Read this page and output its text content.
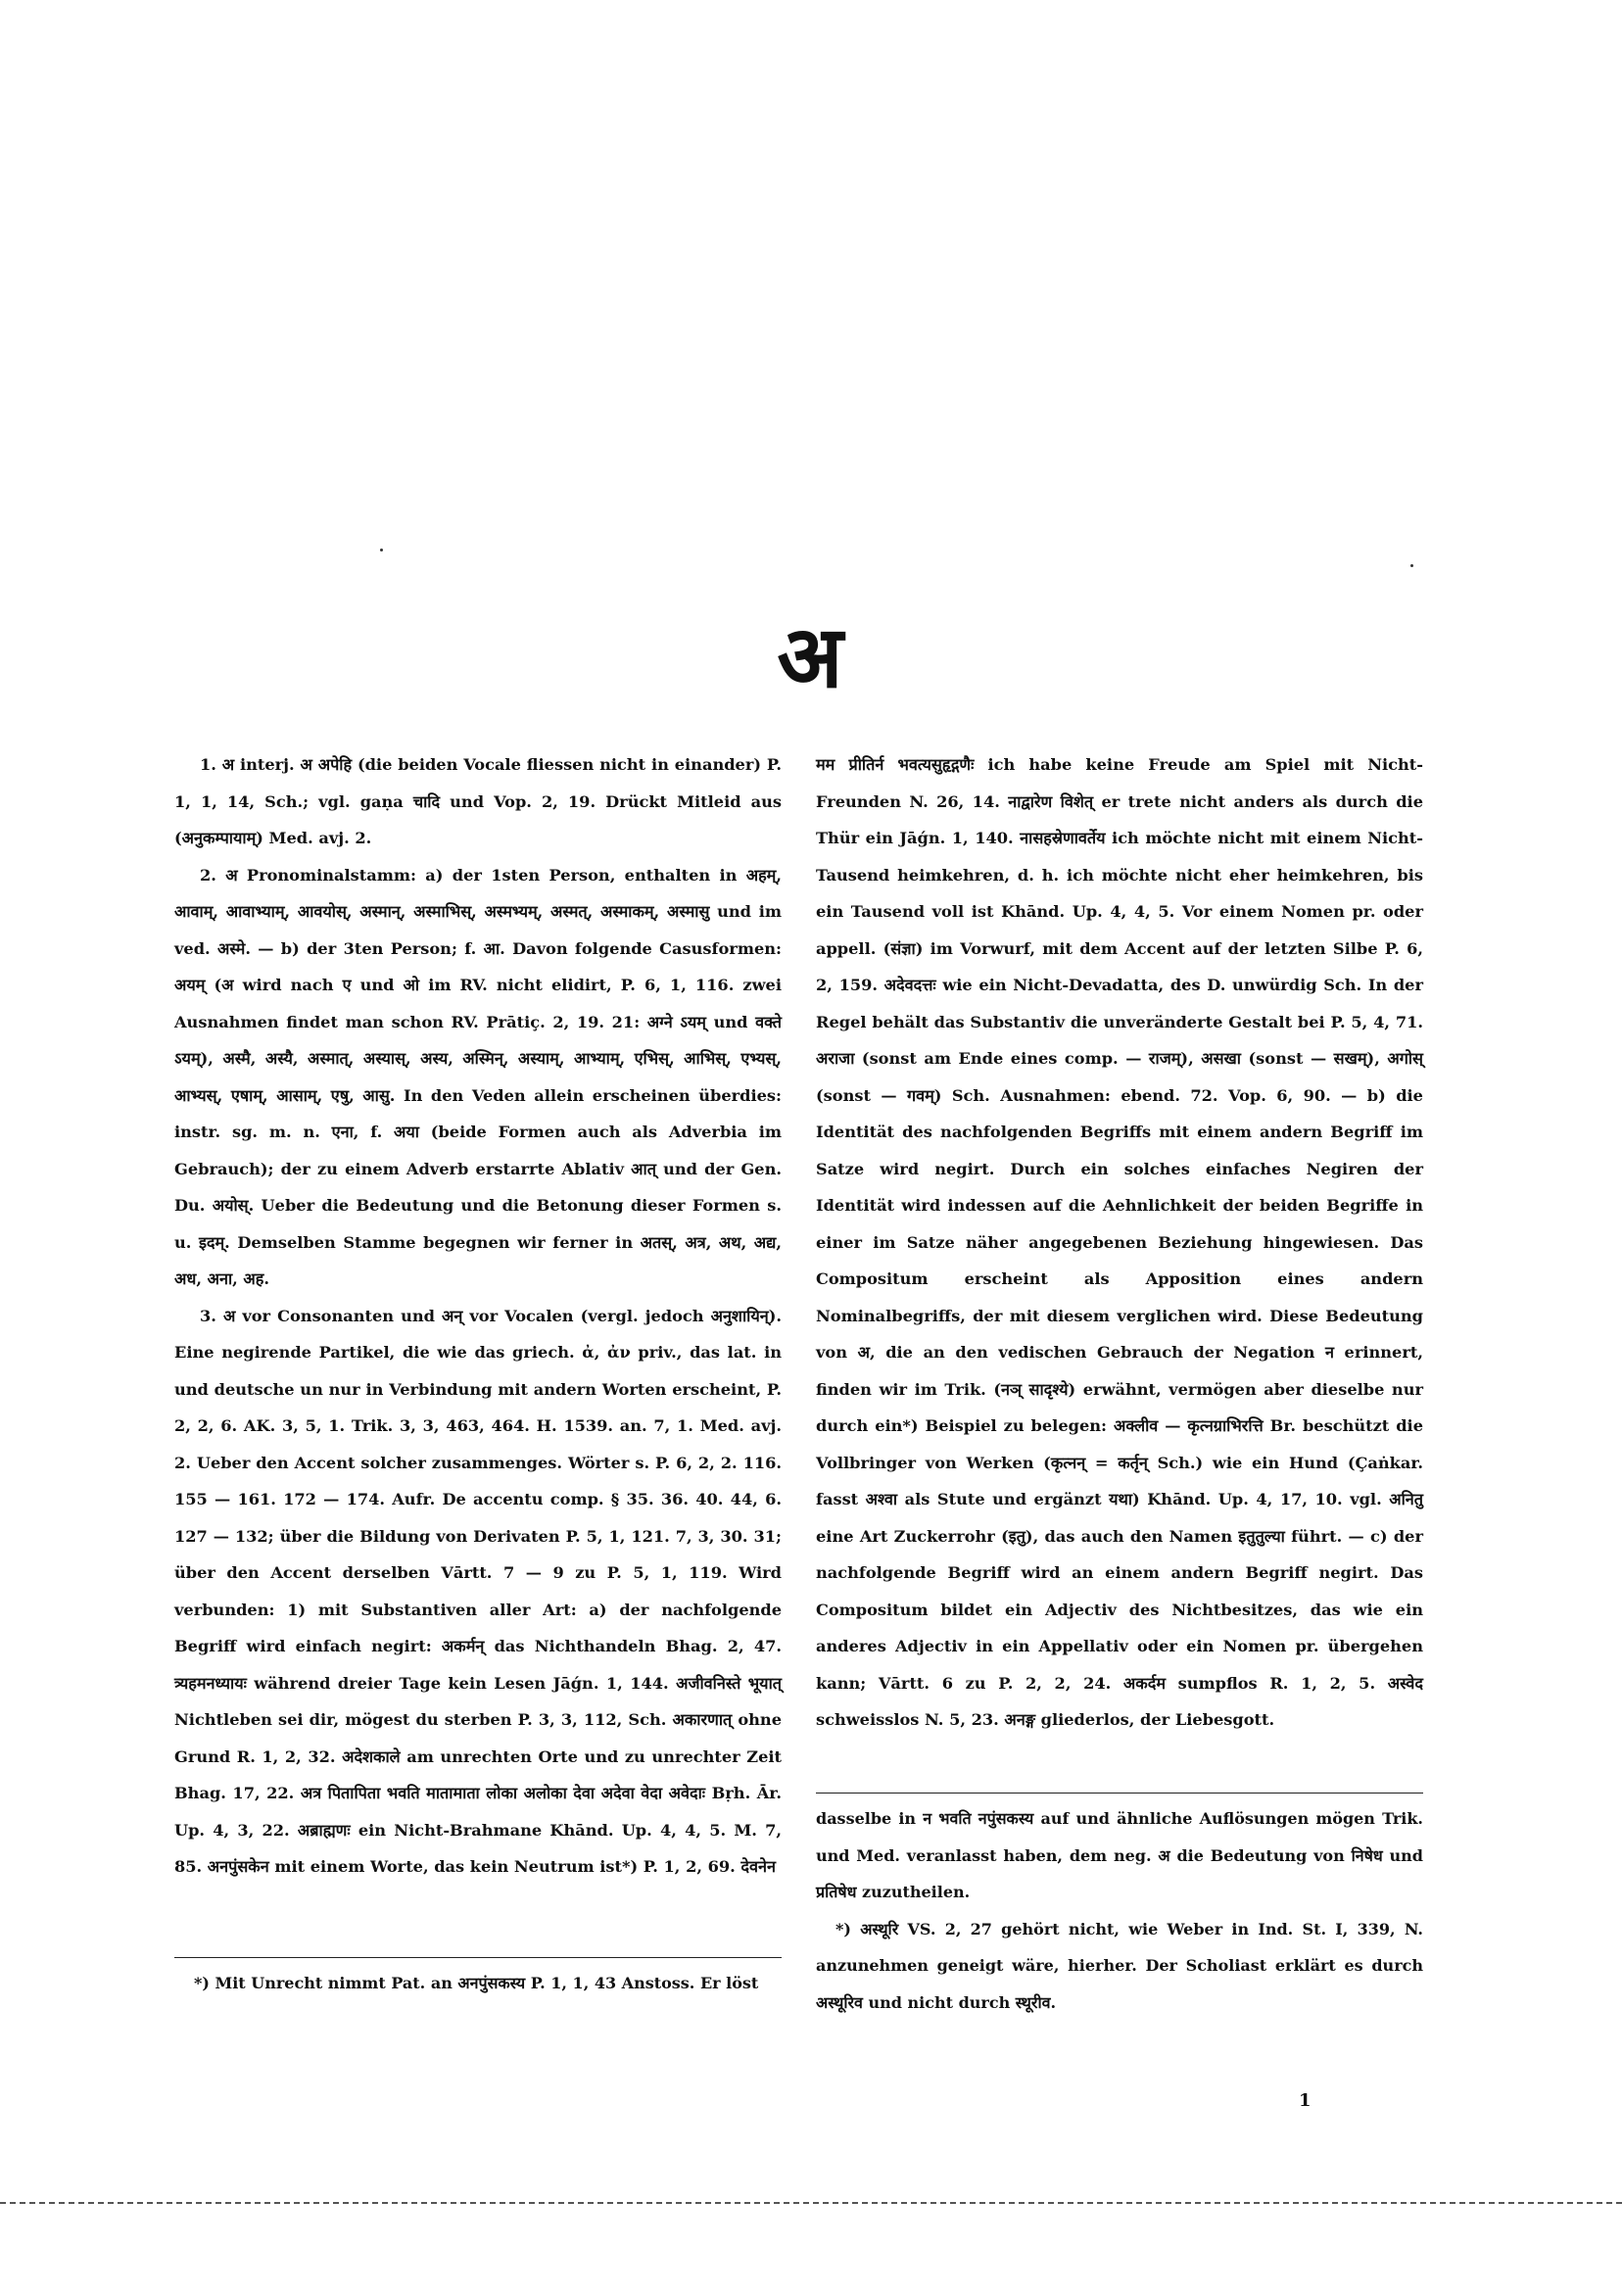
अ

1. अ interj. अ अपेहि (die beiden Vocale fliessen nicht in einander) P. 1, 1, 14, Sch.; vgl. gaṇa चादि und Vop. 2, 19. Drückt Mitleid aus (अनुकम्पायाम्) Med. avj. 2.

2. अ Pronominalstamm: a) der 1sten Person, enthalten in अहम्, आवाम्, आवाभ्याम्, आवयोस्, अस्मान्, अस्माभिस्, अस्मभ्यम्, अस्मत्, अस्माकम्, अस्मासु und im ved. अस्मे. — b) der 3ten Person; f. आ. Davon folgende Casusformen: अयम् (अ wird nach ए und ओ im RV. nicht elidirt, P. 6, 1, 116. zwei Ausnahmen findet man schon RV. Prātiç. 2, 19. 21: अग्ने ऽयम् und वक्ते ऽयम्), अस्मै, अस्यै, अस्मात्, अस्यास्, अस्य, अस्मिन्, अस्याम्, आभ्याम्, एभिस्, आभिस्, एभ्यस्, आभ्यस्, एषाम्, आसाम्, एषु, आसु. In den Veden allein erscheinen überdies: instr. sg. m. n. एना, f. अया (beide Formen auch als Adverbia im Gebrauch); der zu einem Adverb erstarrte Ablativ आत् und der Gen. Du. अयोस्. Ueber die Bedeutung und die Betonung dieser Formen s. u. इदम्. Demselben Stamme begegnen wir ferner in अतस्, अत्र, अथ, अद्य, अध, अना, अह.

3. अ vor Consonanten und अन् vor Vocalen (vergl. jedoch अनुशायिन्). Eine negirende Partikel, die wie das griech. ἀ, ἀν priv., das lat. in und deutsche un nur in Verbindung mit andern Worten erscheint, P. 2, 2, 6. AK. 3, 5, 1. Trik. 3, 3, 463, 464. H. 1539. an. 7, 1. Med. avj. 2. Ueber den Accent solcher zusammenges. Wörter s. P. 6, 2, 2. 116. 155 — 161. 172 — 174. Aufr. De accentu comp. § 35. 36. 40. 44, 6. 127 — 132; über die Bildung von Derivaten P. 5, 1, 121. 7, 3, 30. 31; über den Accent derselben Vārtt. 7 — 9 zu P. 5, 1, 119. Wird verbunden: 1) mit Substantiven aller Art: a) der nachfolgende Begriff wird einfach negirt: अकर्मन् das Nichthandeln Bhag. 2, 47. त्र्यहमनध्यायः während dreier Tage kein Lesen Jāǵn. 1, 144. अजीवनिस्ते भूयात् Nichtleben sei dir, mögest du sterben P. 3, 3, 112, Sch. अकारणात् ohne Grund R. 1, 2, 32. अदेशकाले am unrechten Orte und zu unrechter Zeit Bhag. 17, 22. अत्र पितापिता भवति मातामाता लोका अलोका देवा अदेवा वेदा अवेदाः Bṛh. Ār. Up. 4, 3, 22. अब्राह्मणः ein Nicht-Brahmane Khānd. Up. 4, 4, 5. M. 7, 85. अनपुंसकेन mit einem Worte, das kein Neutrum ist*) P. 1, 2, 69. देवनेन

मम प्रीतिर्न भवत्यसुहृद्गणैः ich habe keine Freude am Spiel mit Nicht-Freunden N. 26, 14. नाद्वारेण विशेत् er trete nicht anders als durch die Thür ein Jāǵn. 1, 140. नासहस्रेणावर्तेय ich möchte nicht mit einem Nicht-Tausend heimkehren, d. h. ich möchte nicht eher heimkehren, bis ein Tausend voll ist Khānd. Up. 4, 4, 5. Vor einem Nomen pr. oder appell. (संज्ञा) im Vorwurf, mit dem Accent auf der letzten Silbe P. 6, 2, 159. अदेवदत्तः wie ein Nicht-Devadatta, des D. unwürdig Sch. In der Regel behält das Substantiv die unveränderte Gestalt bei P. 5, 4, 71. अराजा (sonst am Ende eines comp. — राजम्), असखा (sonst — सखम्), अगोस् (sonst — गवम्) Sch. Ausnahmen: ebend. 72. Vop. 6, 90. — b) die Identität des nachfolgenden Begriffs mit einem andern Begriff im Satze wird negirt. Durch ein solches einfaches Negiren der Identität wird indessen auf die Aehnlichkeit der beiden Begriffe in einer im Satze näher angegebenen Beziehung hingewiesen. Das Compositum erscheint als Apposition eines andern Nominalbegriffs, der mit diesem verglichen wird. Diese Bedeutung von अ, die an den vedischen Gebrauch der Negation न erinnert, finden wir im Trik. (नञ् सादृश्ये) erwähnt, vermögen aber dieselbe nur durch ein*) Beispiel zu belegen: अक्लीव — कृत्नग्राभिरत्ति Br. beschützt die Vollbringer von Werken (कृत्नन् = कर्तृन् Sch.) wie ein Hund (Çaṅkar. fasst अश्वा als Stute und ergänzt यथा) Khānd. Up. 4, 17, 10. vgl. अनितु eine Art Zuckerrohr (इतु), das auch den Namen इतुतुल्या führt. — c) der nachfolgende Begriff wird an einem andern Begriff negirt. Das Compositum bildet ein Adjectiv des Nichtbesitzes, das wie ein anderes Adjectiv in ein Appellativ oder ein Nomen pr. übergehen kann; Vārtt. 6 zu P. 2, 2, 24. अकर्दम sumpflos R. 1, 2, 5. अस्वेद schweisslos N. 5, 23. अनङ्ग gliederlos, der Liebesgott.

*) Mit Unrecht nimmt Pat. an अनपुंसकस्य P. 1, 1, 43 Anstoss. Er löst

dasselbe in न भवति नपुंसकस्य auf und ähnliche Auflösungen mögen Trik. und Med. veranlasst haben, dem neg. अ die Bedeutung von निषेध und प्रतिषेध zuzutheilen.

*) अस्थूरि VS. 2, 27 gehört nicht, wie Weber in Ind. St. I, 339, N. anzunehmen geneigt wäre, hierher. Der Scholiast erklärt es durch अस्थूरिव und nicht durch स्थूरीव.

1
